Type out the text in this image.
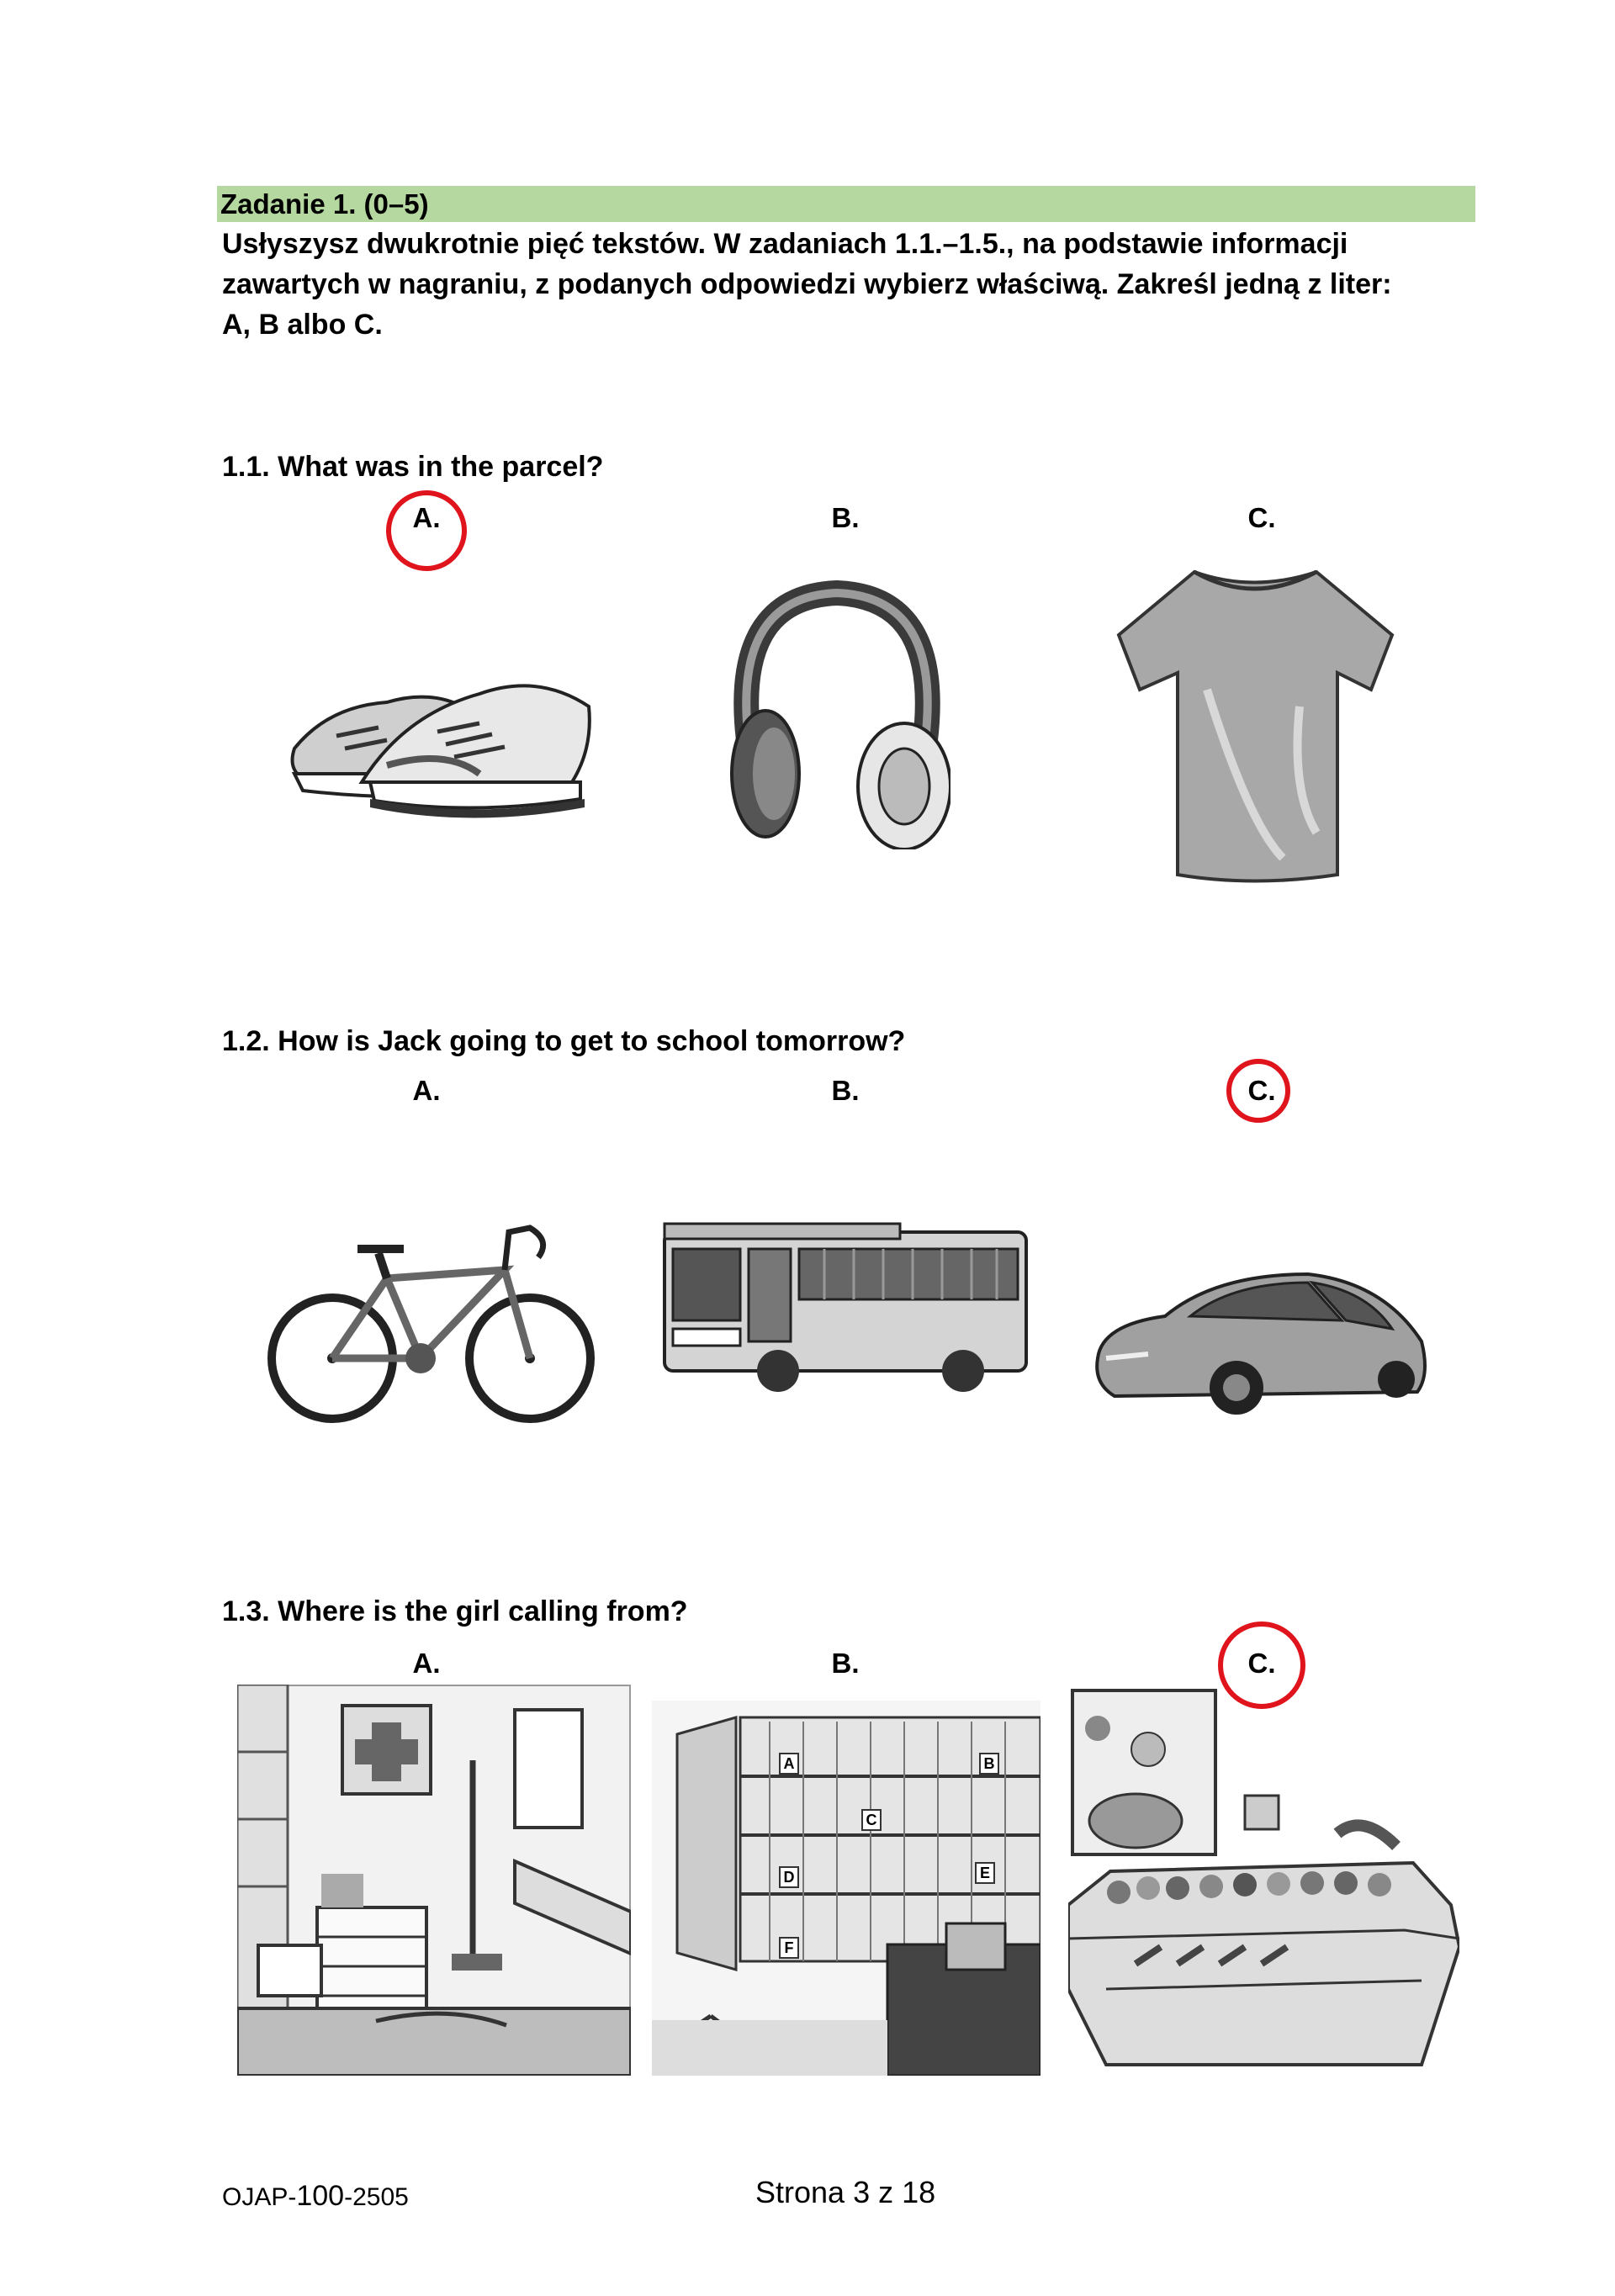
Zadanie 1. (0–5)
Usłyszysz dwukrotnie pięć tekstów. W zadaniach 1.1.–1.5., na podstawie informacji
zawartych w nagraniu, z podanych odpowiedzi wybierz właściwą. Zakreśl jedną z liter:
A, B albo C.
1.1. What was in the parcel?
A.	B.	C.
1.2. How is Jack going to get to school tomorrow?
A.	B.	C.
1.3. Where is the girl calling from?
A.	B.	C.
A	B
C
D	E
F
OJAP-100-2505	Strona 3 z 18
